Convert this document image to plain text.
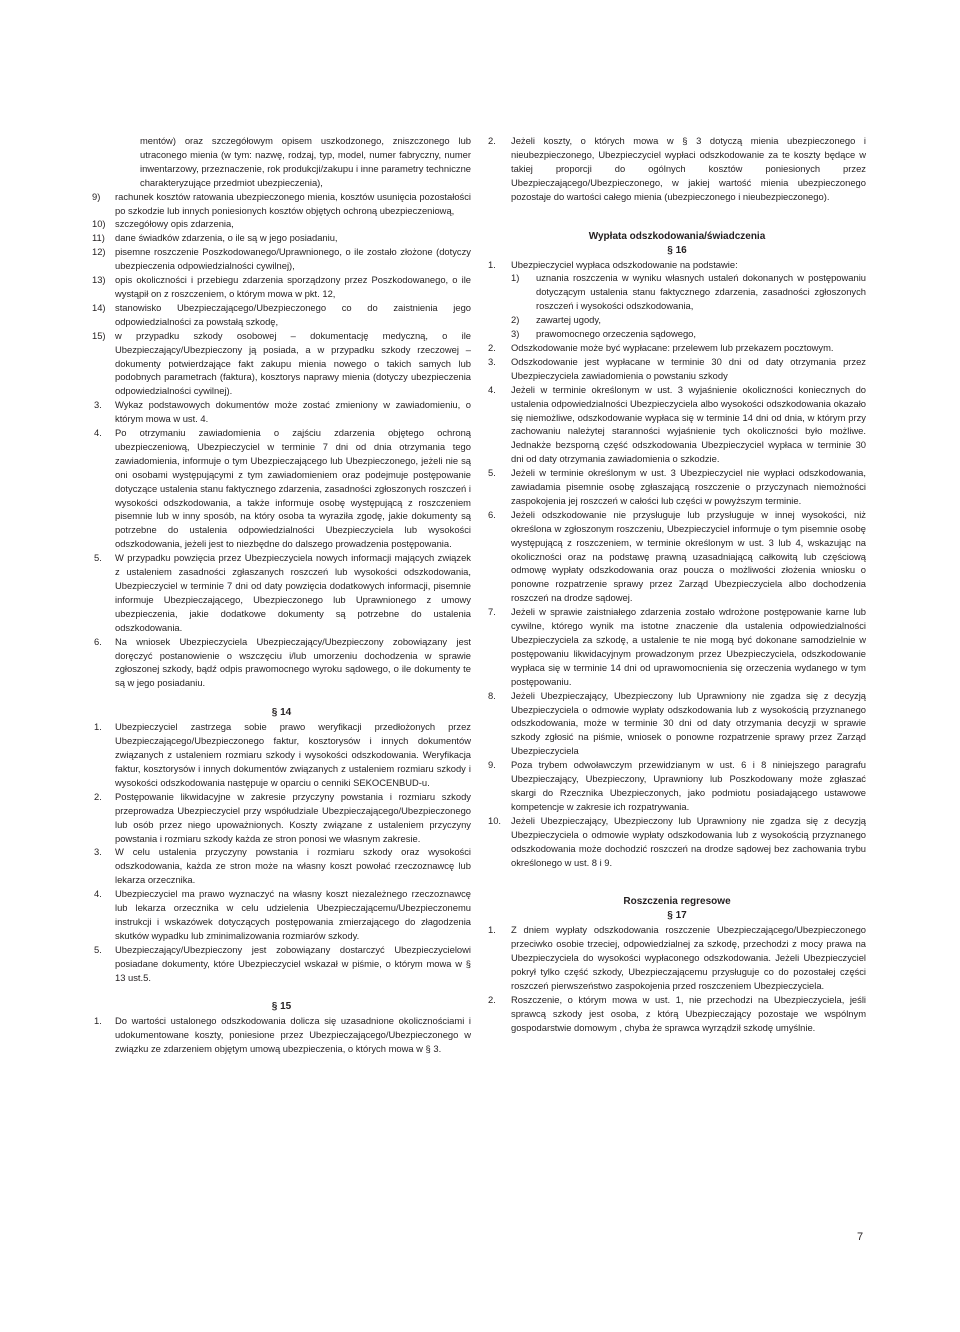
mentów) oraz szczegółowym opisem uszkodzonego, zniszczonego lub utraconego mienia (w tym: nazwę, rodzaj, typ, model, numer fabryczny, numer inwentarzowy, przeznaczenie, rok produkcji/zakupu i inne parametry techniczne charakteryzujące przedmiot ubezpieczenia),
9) rachunek kosztów ratowania ubezpieczonego mienia, kosztów usunięcia pozostałości po szkodzie lub innych poniesionych kosztów objętych ochroną ubezpieczeniową,
10) szczegółowy opis zdarzenia,
11) dane świadków zdarzenia, o ile są w jego posiadaniu,
12) pisemne roszczenie Poszkodowanego/Uprawnionego, o ile zostało złożone (dotyczy ubezpieczenia odpowiedzialności cywilnej),
13) opis okoliczności i przebiegu zdarzenia sporządzony przez Poszkodowanego, o ile wystąpił on z roszczeniem, o którym mowa w pkt. 12,
14) stanowisko Ubezpieczającego/Ubezpieczonego co do zaistnienia jego odpowiedzialności za powstałą szkodę,
15) w przypadku szkody osobowej – dokumentację medyczną, o ile Ubezpieczający/Ubezpieczony ją posiada, a w przypadku szkody rzeczowej – dokumenty potwierdzające fakt zakupu mienia nowego o takich samych lub podobnych parametrach (faktura), kosztorys naprawy mienia (dotyczy ubezpieczenia odpowiedzialności cywilnej).
3. Wykaz podstawowych dokumentów może zostać zmieniony w zawiadomieniu, o którym mowa w ust. 4.
4. Po otrzymaniu zawiadomienia o zajściu zdarzenia objętego ochroną ubezpieczeniową, Ubezpieczyciel w terminie 7 dni od dnia otrzymania tego zawiadomienia, informuje o tym Ubezpieczającego lub Ubezpieczonego, jeżeli nie są oni osobami występującymi z tym zawiadomieniem oraz podejmuje postępowanie dotyczące ustalenia stanu faktycznego zdarzenia, zasadności zgłoszonych roszczeń i wysokości odszkodowania, a także informuje osobę występującą z roszczeniem pisemnie lub w inny sposób, na który osoba ta wyraziła zgodę, jakie dokumenty są potrzebne do ustalenia odpowiedzialności Ubezpieczyciela lub wysokości odszkodowania, jeżeli jest to niezbędne do dalszego prowadzenia postępowania.
5. W przypadku powzięcia przez Ubezpieczyciela nowych informacji mających związek z ustaleniem zasadności zgłaszanych roszczeń lub wysokości odszkodowania, Ubezpieczyciel w terminie 7 dni od daty powzięcia dodatkowych informacji, pisemnie informuje Ubezpieczającego, Ubezpieczonego lub Uprawnionego z umowy ubezpieczenia, jakie dodatkowe dokumenty są potrzebne do ustalenia odszkodowania.
6. Na wniosek Ubezpieczyciela Ubezpieczający/Ubezpieczony zobowiązany jest doręczyć postanowienie o wszczęciu i/lub umorzeniu dochodzenia w sprawie zgłoszonej szkody, bądź odpis prawomocnego wyroku sądowego, o ile dokumenty te są w jego posiadaniu.
§ 14
1. Ubezpieczyciel zastrzega sobie prawo weryfikacji przedłożonych przez Ubezpieczającego/Ubezpieczonego faktur, kosztorysów i innych dokumentów związanych z ustaleniem rozmiaru szkody i wysokości odszkodowania. Weryfikacja faktur, kosztorysów i innych dokumentów związanych z ustaleniem rozmiaru szkody i wysokości odszkodowania następuje w oparciu o cenniki SEKOCENBUD-u.
2. Postępowanie likwidacyjne w zakresie przyczyny powstania i rozmiaru szkody przeprowadza Ubezpieczyciel przy współudziale Ubezpieczającego/Ubezpieczonego lub osób przez niego upoważnionych. Koszty związane z ustaleniem przyczyny powstania i rozmiaru szkody każda ze stron ponosi we własnym zakresie.
3. W celu ustalenia przyczyny powstania i rozmiaru szkody oraz wysokości odszkodowania, każda ze stron może na własny koszt powołać rzeczoznawcę lub lekarza orzecznika.
4. Ubezpieczyciel ma prawo wyznaczyć na własny koszt niezależnego rzeczoznawcę lub lekarza orzecznika w celu udzielenia Ubezpieczającemu/Ubezpieczonemu instrukcji i wskazówek dotyczących postępowania zmierzającego do złagodzenia skutków wypadku lub zminimalizowania rozmiarów szkody.
5. Ubezpieczający/Ubezpieczony jest zobowiązany dostarczyć Ubezpieczycielowi posiadane dokumenty, które Ubezpieczyciel wskazał w piśmie, o którym mowa w § 13 ust.5.
§ 15
1. Do wartości ustalonego odszkodowania dolicza się uzasadnione okolicznościami i udokumentowane koszty, poniesione przez Ubezpieczającego/Ubezpieczonego w związku ze zdarzeniem objętym umową ubezpieczenia, o których mowa w § 3.
2. Jeżeli koszty, o których mowa w § 3 dotyczą mienia ubezpieczonego i nieubezpieczonego, Ubezpieczyciel wypłaci odszkodowanie za te koszty będące w takiej proporcji do ogólnych kosztów poniesionych przez Ubezpieczającego/Ubezpieczonego, w jakiej wartość mienia ubezpieczonego pozostaje do wartości całego mienia (ubezpieczonego i nieubezpieczonego).
Wypłata odszkodowania/świadczenia
§ 16
1. Ubezpieczyciel wypłaca odszkodowanie na podstawie:
1) uznania roszczenia w wyniku własnych ustaleń dokonanych w postępowaniu dotyczącym ustalenia stanu faktycznego zdarzenia, zasadności zgłoszonych roszczeń i wysokości odszkodowania,
2) zawartej ugody,
3) prawomocnego orzeczenia sądowego,
2. Odszkodowanie może być wypłacane: przelewem lub przekazem pocztowym.
3. Odszkodowanie jest wypłacane w terminie 30 dni od daty otrzymania przez Ubezpieczyciela zawiadomienia o powstaniu szkody
4. Jeżeli w terminie określonym w ust. 3 wyjaśnienie okoliczności koniecznych do ustalenia odpowiedzialności Ubezpieczyciela albo wysokości odszkodowania okazało się niemożliwe, odszkodowanie wypłaca się w terminie 14 dni od dnia, w którym przy zachowaniu należytej staranności wyjaśnienie tych okoliczności było możliwe. Jednakże bezsporną część odszkodowania Ubezpieczyciel wypłaca w terminie 30 dni od daty otrzymania zawiadomienia o szkodzie.
5. Jeżeli w terminie określonym w ust. 3 Ubezpieczyciel nie wypłaci odszkodowania, zawiadamia pisemnie osobę zgłaszającą roszczenie o przyczynach niemożności zaspokojenia jej roszczeń w całości lub części w powyższym terminie.
6. Jeżeli odszkodowanie nie przysługuje lub przysługuje w innej wysokości, niż określona w zgłoszonym roszczeniu, Ubezpieczyciel informuje o tym pisemnie osobę występującą z roszczeniem, w terminie określonym w ust. 3 lub 4, wskazując na okoliczności oraz na podstawę prawną uzasadniającą całkowitą lub częściową odmowę wypłaty odszkodowania oraz poucza o możliwości złożenia wniosku o ponowne rozpatrzenie sprawy przez Zarząd Ubezpieczyciela albo dochodzenia roszczeń na drodze sądowej.
7. Jeżeli w sprawie zaistniałego zdarzenia zostało wdrożone postępowanie karne lub cywilne, którego wynik ma istotne znaczenie dla ustalenia odpowiedzialności Ubezpieczyciela za szkodę, a ustalenie te nie mogą być dokonane samodzielnie w postępowaniu likwidacyjnym prowadzonym przez Ubezpieczyciela, odszkodowanie wypłaca się w terminie 14 dni od uprawomocnienia się orzeczenia wydanego w tym postępowaniu.
8. Jeżeli Ubezpieczający, Ubezpieczony lub Uprawniony nie zgadza się z decyzją Ubezpieczyciela o odmowie wypłaty odszkodowania lub z wysokością przyznanego odszkodowania, może w terminie 30 dni od daty otrzymania decyzji w sprawie szkody zgłosić na piśmie, wniosek o ponowne rozpatrzenie sprawy przez Zarząd Ubezpieczyciela
9. Poza trybem odwoławczym przewidzianym w ust. 6 i 8 niniejszego paragrafu Ubezpieczający, Ubezpieczony, Uprawniony lub Poszkodowany może zgłaszać skargi do Rzecznika Ubezpieczonych, jako podmiotu posiadającego ustawowe kompetencje w zakresie ich rozpatrywania.
10. Jeżeli Ubezpieczający, Ubezpieczony lub Uprawniony nie zgadza się z decyzją Ubezpieczyciela o odmowie wypłaty odszkodowania lub z wysokością przyznanego odszkodowania może dochodzić roszczeń na drodze sądowej bez zachowania trybu określonego w ust. 8 i 9.
Roszczenia regresowe
§ 17
1. Z dniem wypłaty odszkodowania roszczenie Ubezpieczającego/Ubezpieczonego przeciwko osobie trzeciej, odpowiedzialnej za szkodę, przechodzi z mocy prawa na Ubezpieczyciela do wysokości wypłaconego odszkodowania. Jeżeli Ubezpieczyciel pokrył tylko część szkody, Ubezpieczającemu przysługuje co do pozostałej części roszczeń pierwszeństwo zaspokojenia przed roszczeniem Ubezpieczyciela.
2. Roszczenie, o którym mowa w ust. 1, nie przechodzi na Ubezpieczyciela, jeśli sprawcą szkody jest osoba, z którą Ubezpieczający pozostaje we wspólnym gospodarstwie domowym , chyba że sprawca wyrządził szkodę umyślnie.
7
